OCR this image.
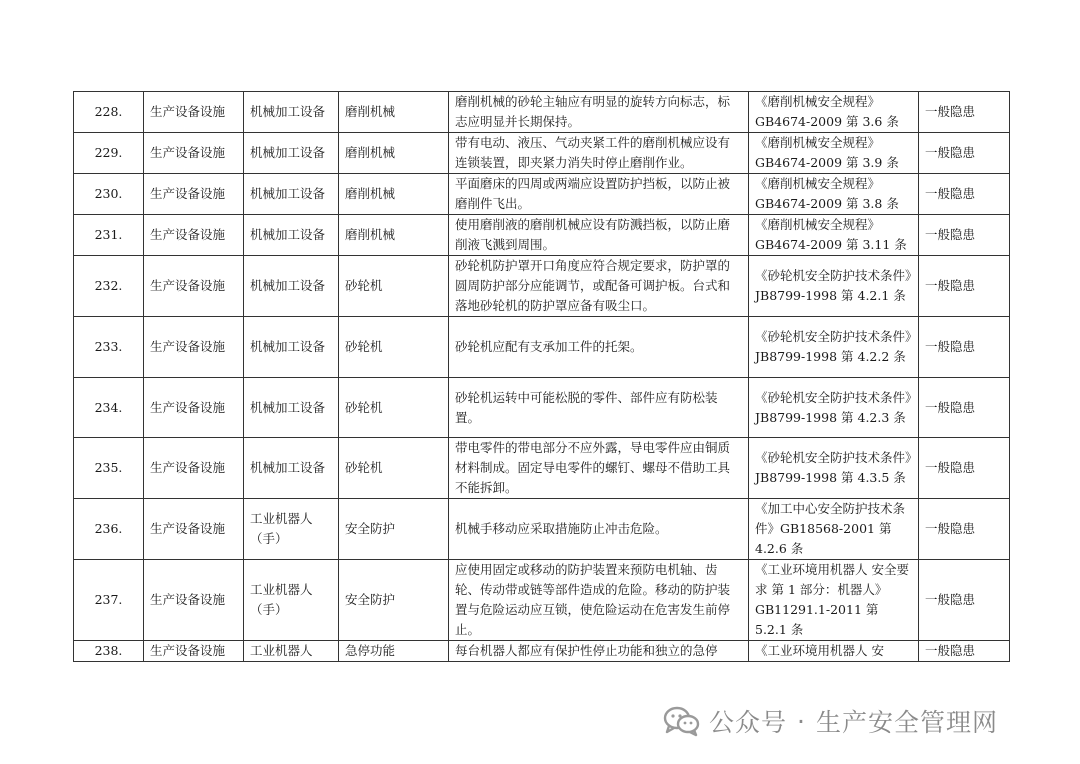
228.	生产设备设施	机械加工设备	磨削机械	磨削机械的砂轮主轴应有明显的旋转方向标志，标志应明显并长期保持。	《磨削机械安全规程》GB4674-2009 第 3.6 条	一般隐患
229.	生产设备设施	机械加工设备	磨削机械	带有电动、液压、气动夹紧工件的磨削机械应设有连锁装置，即夹紧力消失时停止磨削作业。	《磨削机械安全规程》GB4674-2009 第 3.9 条	一般隐患
230.	生产设备设施	机械加工设备	磨削机械	平面磨床的四周或两端应设置防护挡板，以防止被磨削件飞出。	《磨削机械安全规程》GB4674-2009 第 3.8 条	一般隐患
231.	生产设备设施	机械加工设备	磨削机械	使用磨削液的磨削机械应设有防溅挡板，以防止磨削液飞溅到周围。	《磨削机械安全规程》GB4674-2009 第 3.11 条	一般隐患
232.	生产设备设施	机械加工设备	砂轮机	砂轮机防护罩开口角度应符合规定要求，防护罩的圆周防护部分应能调节，或配备可调护板。台式和落地砂轮机的防护罩应备有吸尘口。	《砂轮机安全防护技术条件》JB8799-1998 第 4.2.1 条	一般隐患
233.	生产设备设施	机械加工设备	砂轮机	砂轮机应配有支承加工件的托架。	《砂轮机安全防护技术条件》JB8799-1998 第 4.2.2 条	一般隐患
234.	生产设备设施	机械加工设备	砂轮机	砂轮机运转中可能松脱的零件、部件应有防松装置。	《砂轮机安全防护技术条件》JB8799-1998 第 4.2.3 条	一般隐患
235.	生产设备设施	机械加工设备	砂轮机	带电零件的带电部分不应外露，导电零件应由铜质材料制成。固定导电零件的螺钉、螺母不借助工具不能拆卸。	《砂轮机安全防护技术条件》JB8799-1998 第 4.3.5 条	一般隐患
236.	生产设备设施	工业机器人（手）	安全防护	机械手移动应采取措施防止冲击危险。	《加工中心安全防护技术条件》GB18568-2001 第 4.2.6 条	一般隐患
237.	生产设备设施	工业机器人（手）	安全防护	应使用固定或移动的防护装置来预防电机轴、齿轮、传动带或链等部件造成的危险。移动的防护装置与危险运动应互锁，使危险运动在危害发生前停止。	《工业环境用机器人 安全要求 第 1 部分：机器人》GB11291.1-2011 第 5.2.1 条	一般隐患
238.	生产设备设施	工业机器人	急停功能	每台机器人都应有保护性停止功能和独立的急停	《工业环境用机器人 安	一般隐患
公众号 · 生产安全管理网
